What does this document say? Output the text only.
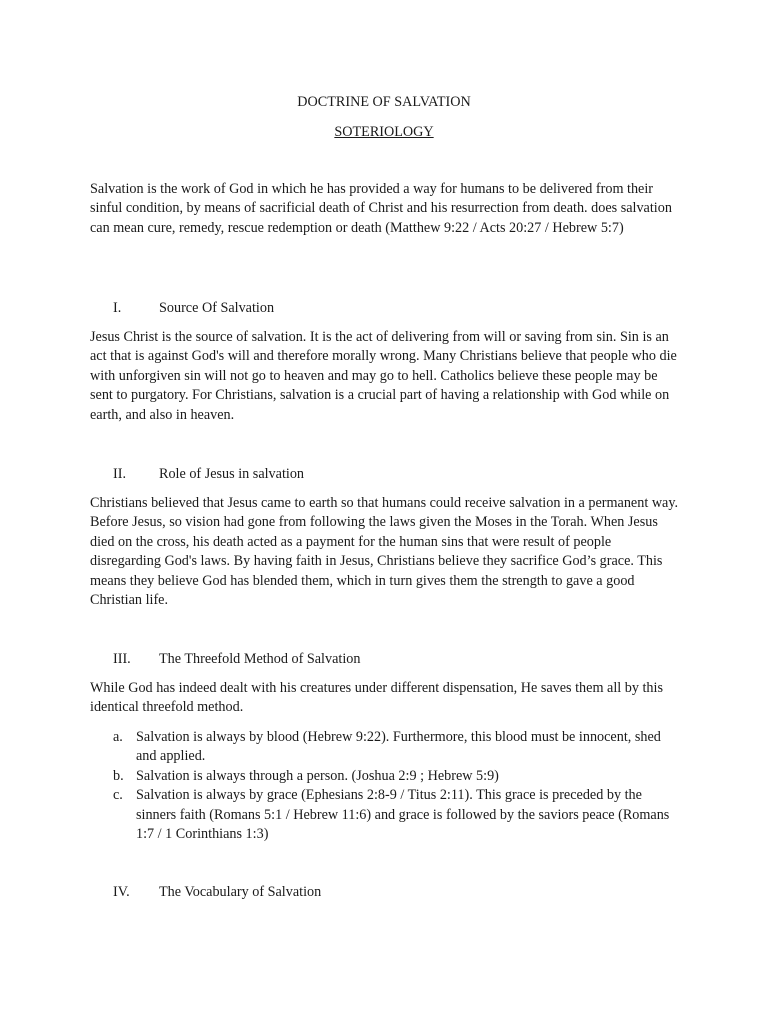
DOCTRINE OF SALVATION
SOTERIOLOGY

Salvation is the work of God in which he has provided a way for humans to be delivered from their sinful condition, by means of sacrificial death of Christ and his resurrection from death. does salvation can mean cure, remedy, rescue redemption or death (Matthew 9:22 / Acts 20:27 / Hebrew 5:7)

I.	Source Of Salvation

Jesus Christ is the source of salvation. It is the act of delivering from will or saving from sin. Sin is an act that is against God's will and therefore morally wrong. Many Christians believe that people who die with unforgiven sin will not go to heaven and may go to hell. Catholics believe these people may be sent to purgatory. For Christians, salvation is a crucial part of having a relationship with God while on earth, and also in heaven.

II. Role of Jesus in salvation

Christians believed that Jesus came to earth so that humans could receive salvation in a permanent way. Before Jesus, so vision had gone from following the laws given the Moses in the Torah. When Jesus died on the cross, his death acted as a payment for the human sins that were result of people disregarding God's laws. By having faith in Jesus, Christians believe they sacrifice God’s grace. This means they believe God has blended them, which in turn gives them the strength to gave a good Christian life.

III. The Threefold Method of Salvation

While God has indeed dealt with his creatures under different dispensation, He saves them all by this identical threefold method.

a. Salvation is always by blood (Hebrew 9:22). Furthermore, this blood must be innocent, shed and applied.
b. Salvation is always through a person. (Joshua 2:9 ; Hebrew 5:9)
c. Salvation is always by grace (Ephesians 2:8-9 / Titus 2:11). This grace is preceded by the sinners faith (Romans 5:1 / Hebrew 11:6) and grace is followed by the saviors peace (Romans 1:7 / 1 Corinthians 1:3)
IV. The Vocabulary of Salvation
